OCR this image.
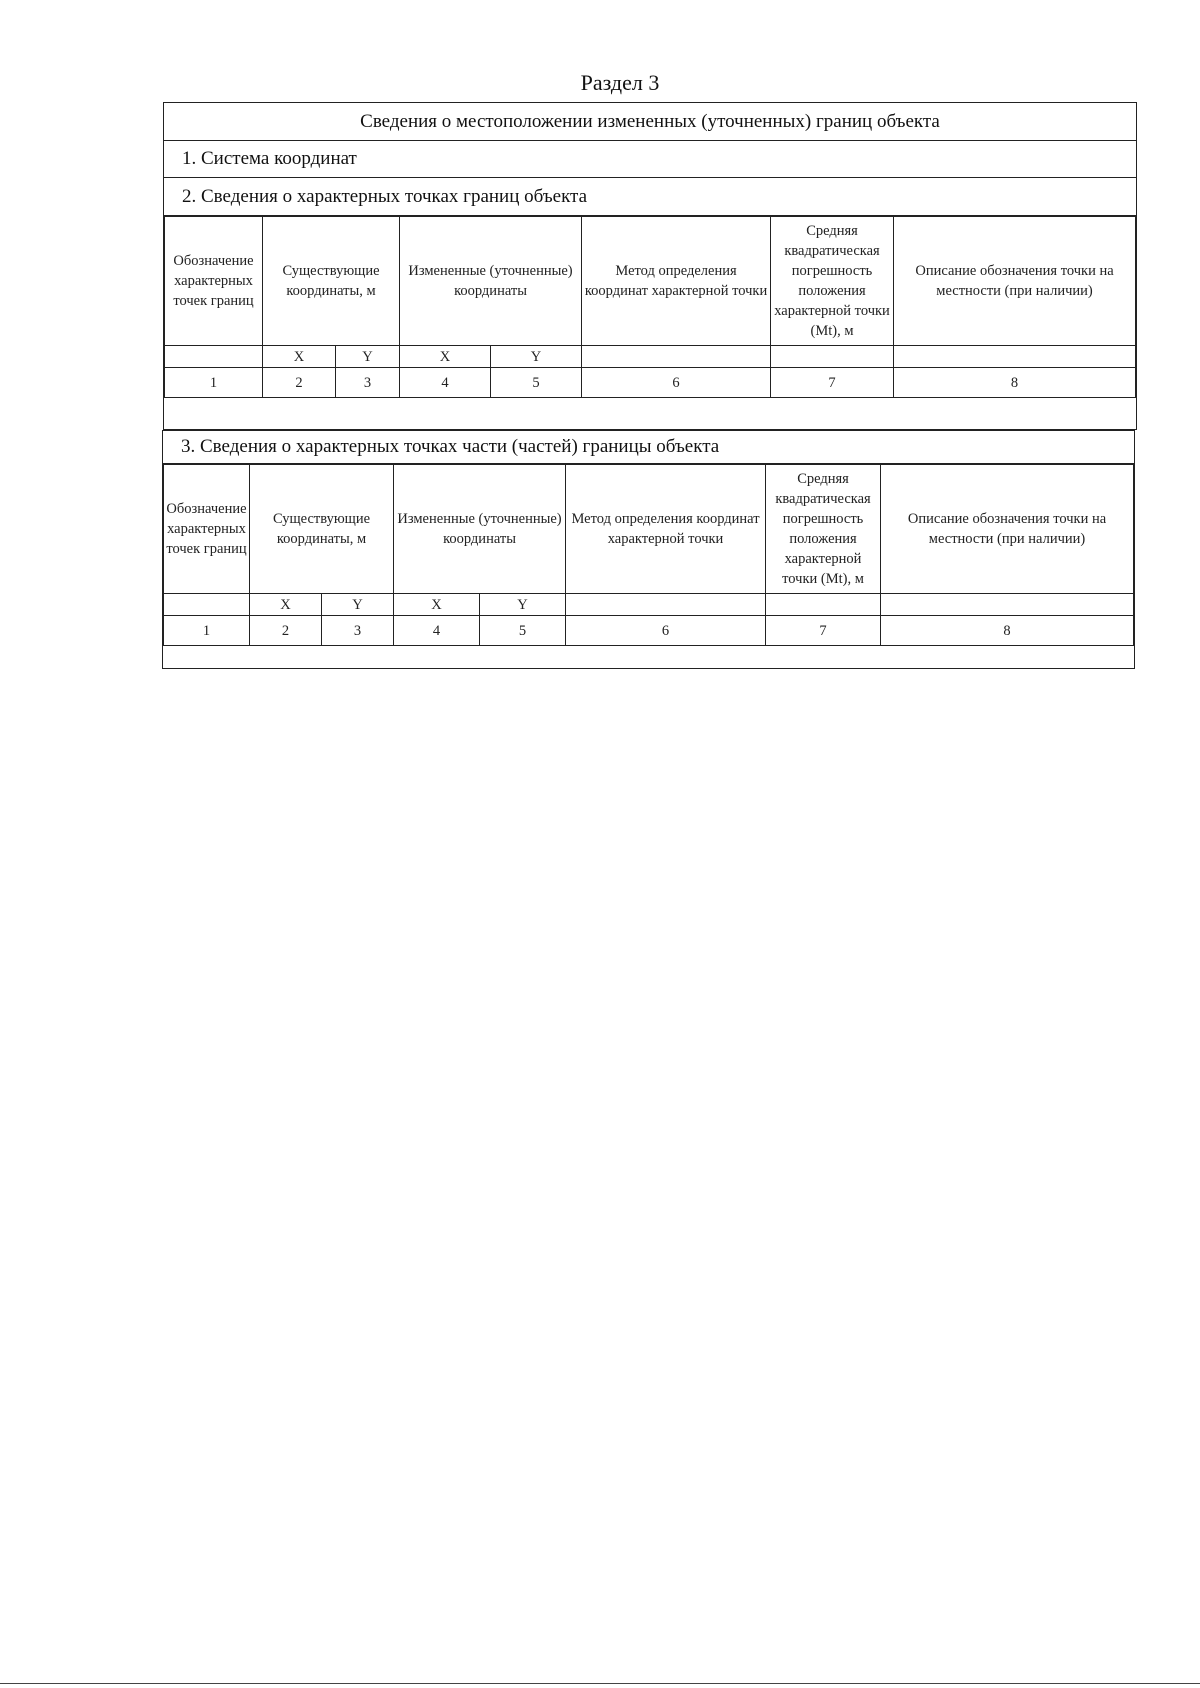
Раздел 3
Сведения о местоположении измененных (уточненных) границ объекта
1. Система координат
2. Сведения о характерных точках границ объекта
Обозначение характерных точек границ	Существующие координаты, м		Измененные (уточненные) координаты		Метод определения координат характерной точки	Средняя квадратическая погрешность положения характерной точки (Mt), м	Описание обозначения точки на местности (при наличии)
	X	Y	X	Y			
1	2	3	4	5	6	7	8
3. Сведения о характерных точках части (частей) границы объекта
Обозначение характерных точек границ	Существующие координаты, м		Измененные (уточненные) координаты		Метод определения координат характерной точки	Средняя квадратическая погрешность положения характерной точки (Mt), м	Описание обозначения точки на местности (при наличии)
	X	Y	X	Y			
1	2	3	4	5	6	7	8
